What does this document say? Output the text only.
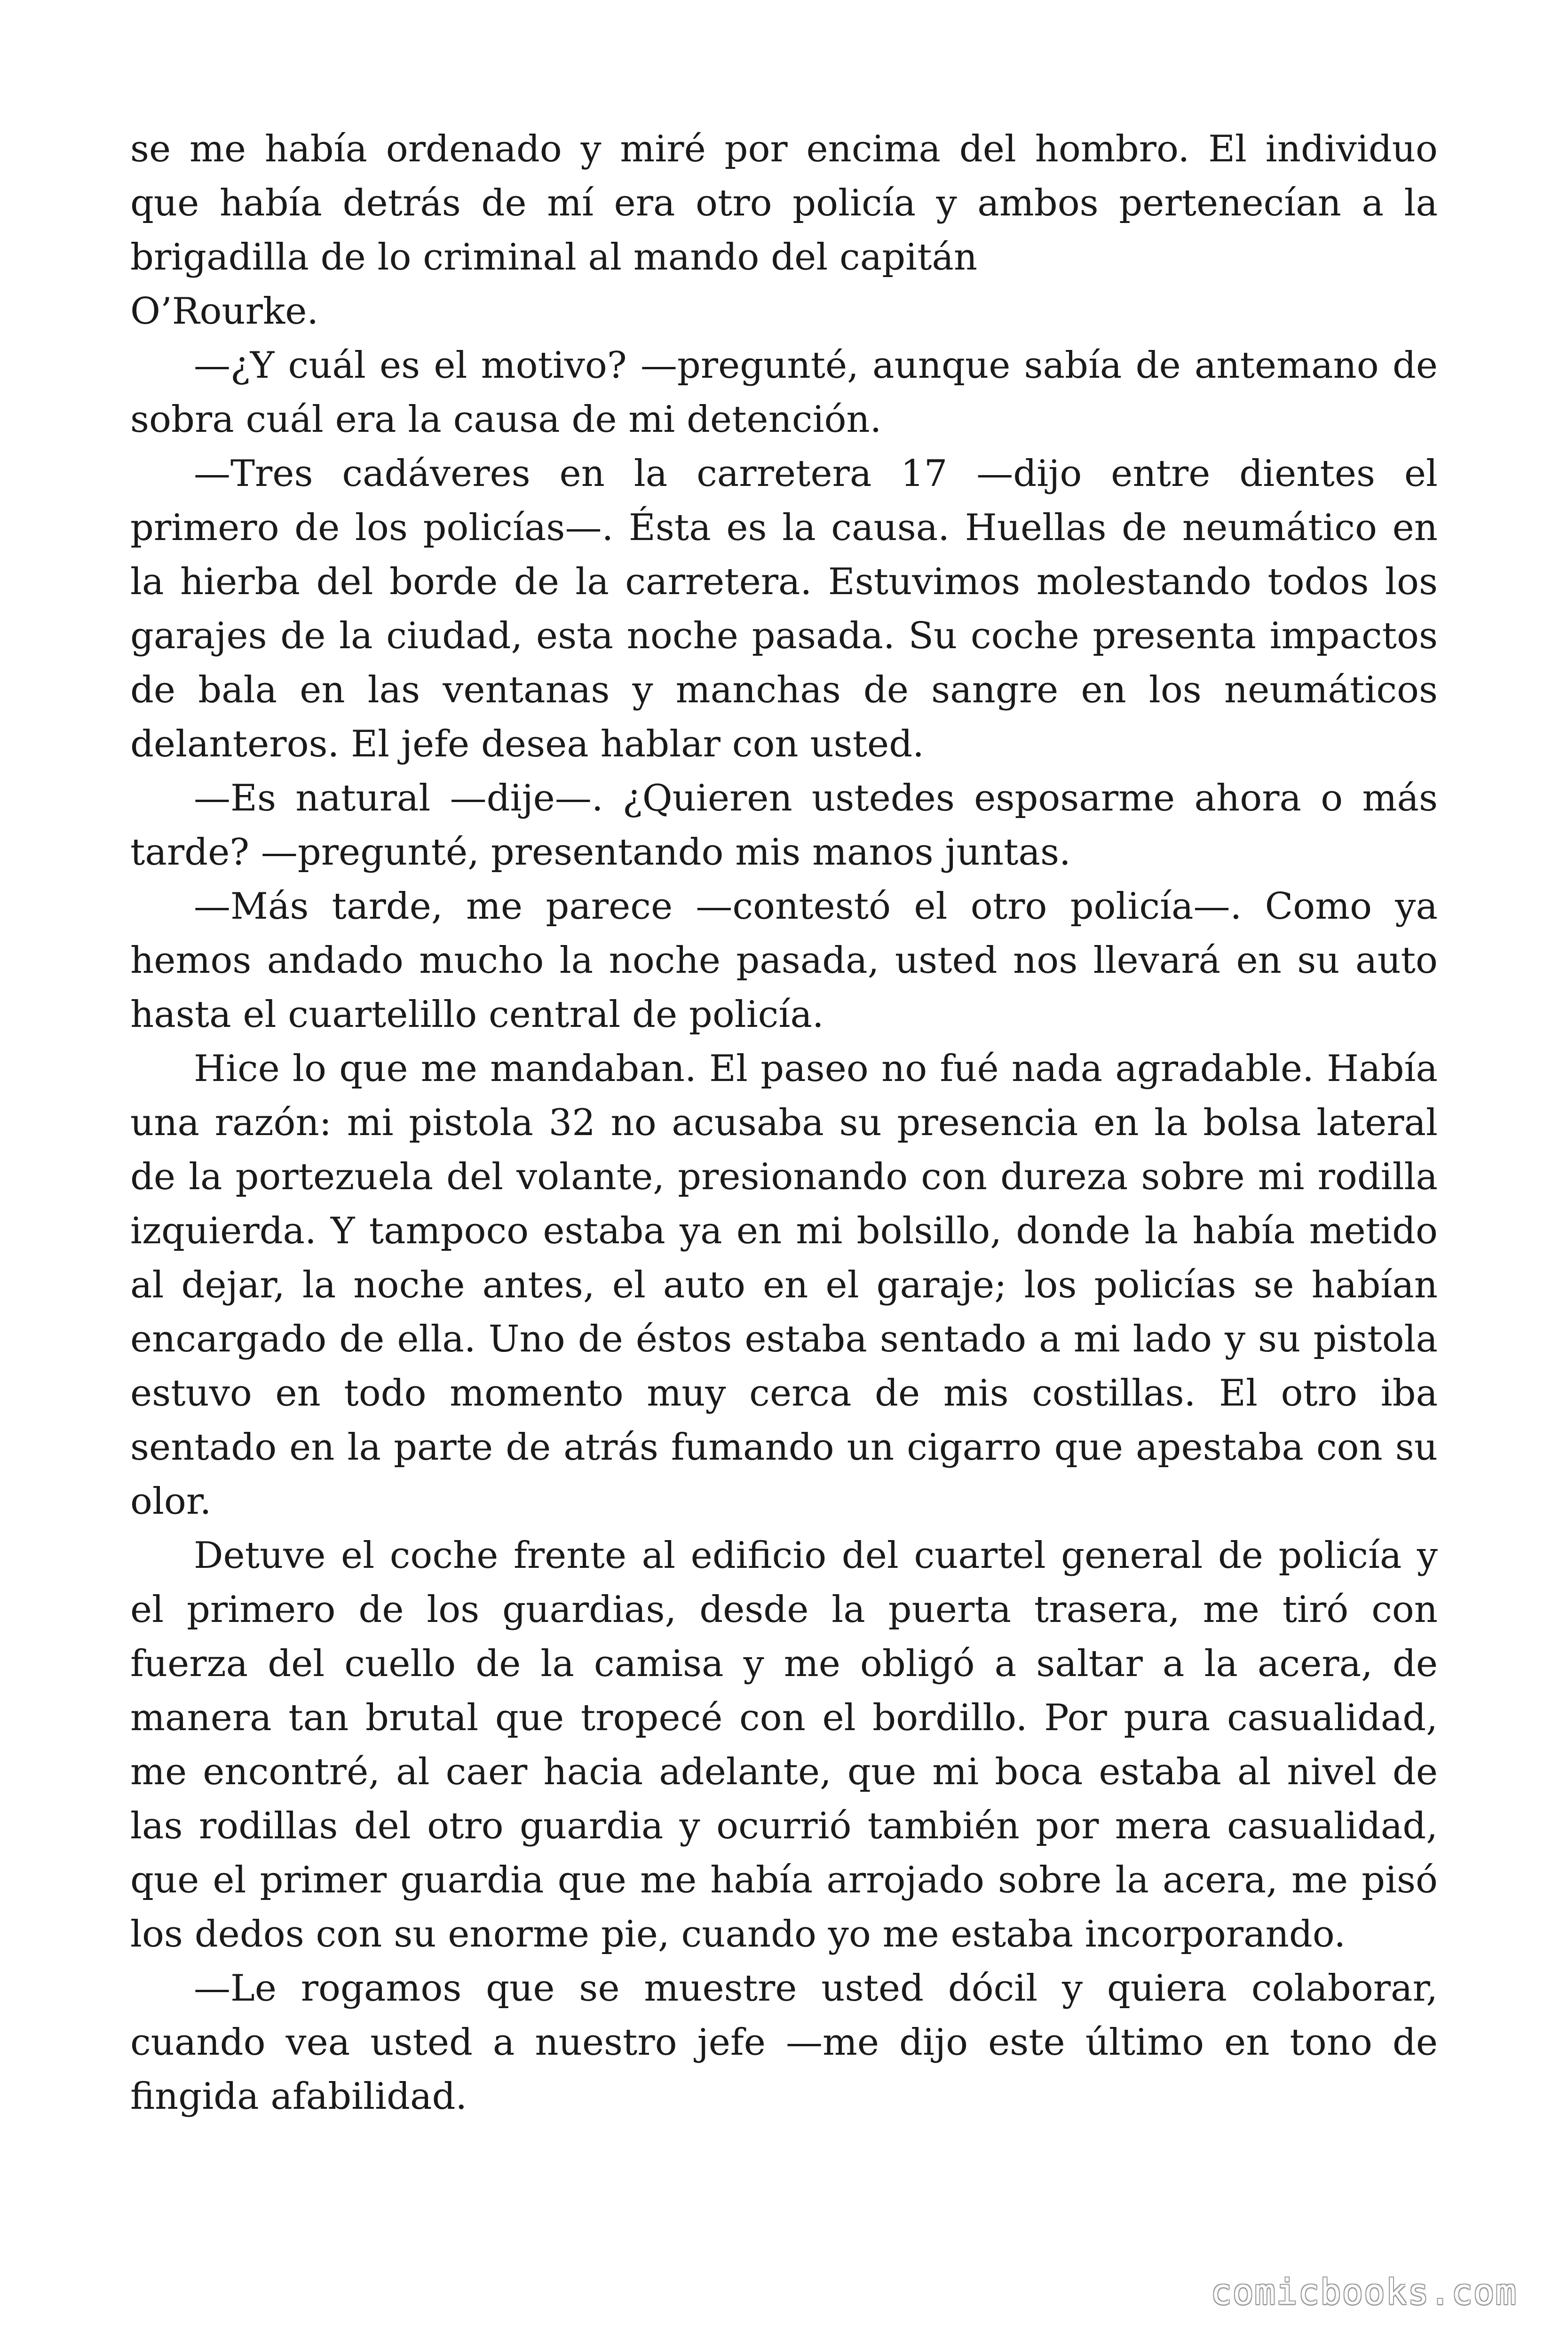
se me había ordenado y miré por encima del hombro. El individuo que había detrás de mí era otro policía y ambos pertenecían a la brigadilla de lo criminal al mando del capitán
O’Rourke.

—¿Y cuál es el motivo? —pregunté, aunque sabía de antemano de sobra cuál era la causa de mi detención.

—Tres cadáveres en la carretera 17 —dijo entre dientes el primero de los policías—. Ésta es la causa. Huellas de neumático en la hierba del borde de la carretera. Estuvimos molestando todos los garajes de la ciudad, esta noche pasada. Su coche presenta impactos de bala en las ventanas y manchas de sangre en los neumáticos delanteros. El jefe desea hablar con usted.

—Es natural —dije—. ¿Quieren ustedes esposarme ahora o más tarde? —pregunté, presentando mis manos juntas.

—Más tarde, me parece —contestó el otro policía—. Como ya hemos andado mucho la noche pasada, usted nos llevará en su auto hasta el cuartelillo central de policía.

Hice lo que me mandaban. El paseo no fué nada agradable. Había una razón: mi pistola 32 no acusaba su presencia en la bolsa lateral de la portezuela del volante, presionando con dureza sobre mi rodilla izquierda. Y tampoco estaba ya en mi bolsillo, donde la había metido al dejar, la noche antes, el auto en el garaje; los policías se habían encargado de ella. Uno de éstos estaba sentado a mi lado y su pistola estuvo en todo momento muy cerca de mis costillas. El otro iba sentado en la parte de atrás fumando un cigarro que apestaba con su olor.

Detuve el coche frente al edificio del cuartel general de policía y el primero de los guardias, desde la puerta trasera, me tiró con fuerza del cuello de la camisa y me obligó a saltar a la acera, de manera tan brutal que tropecé con el bordillo. Por pura casualidad, me encontré, al caer hacia adelante, que mi boca estaba al nivel de las rodillas del otro guardia y ocurrió también por mera casualidad, que el primer guardia que me había arrojado sobre la acera, me pisó los dedos con su enorme pie, cuando yo me estaba incorporando.

—Le rogamos que se muestre usted dócil y quiera colaborar, cuando vea usted a nuestro jefe —me dijo este último en tono de fingida afabilidad.

comicbooks.com
